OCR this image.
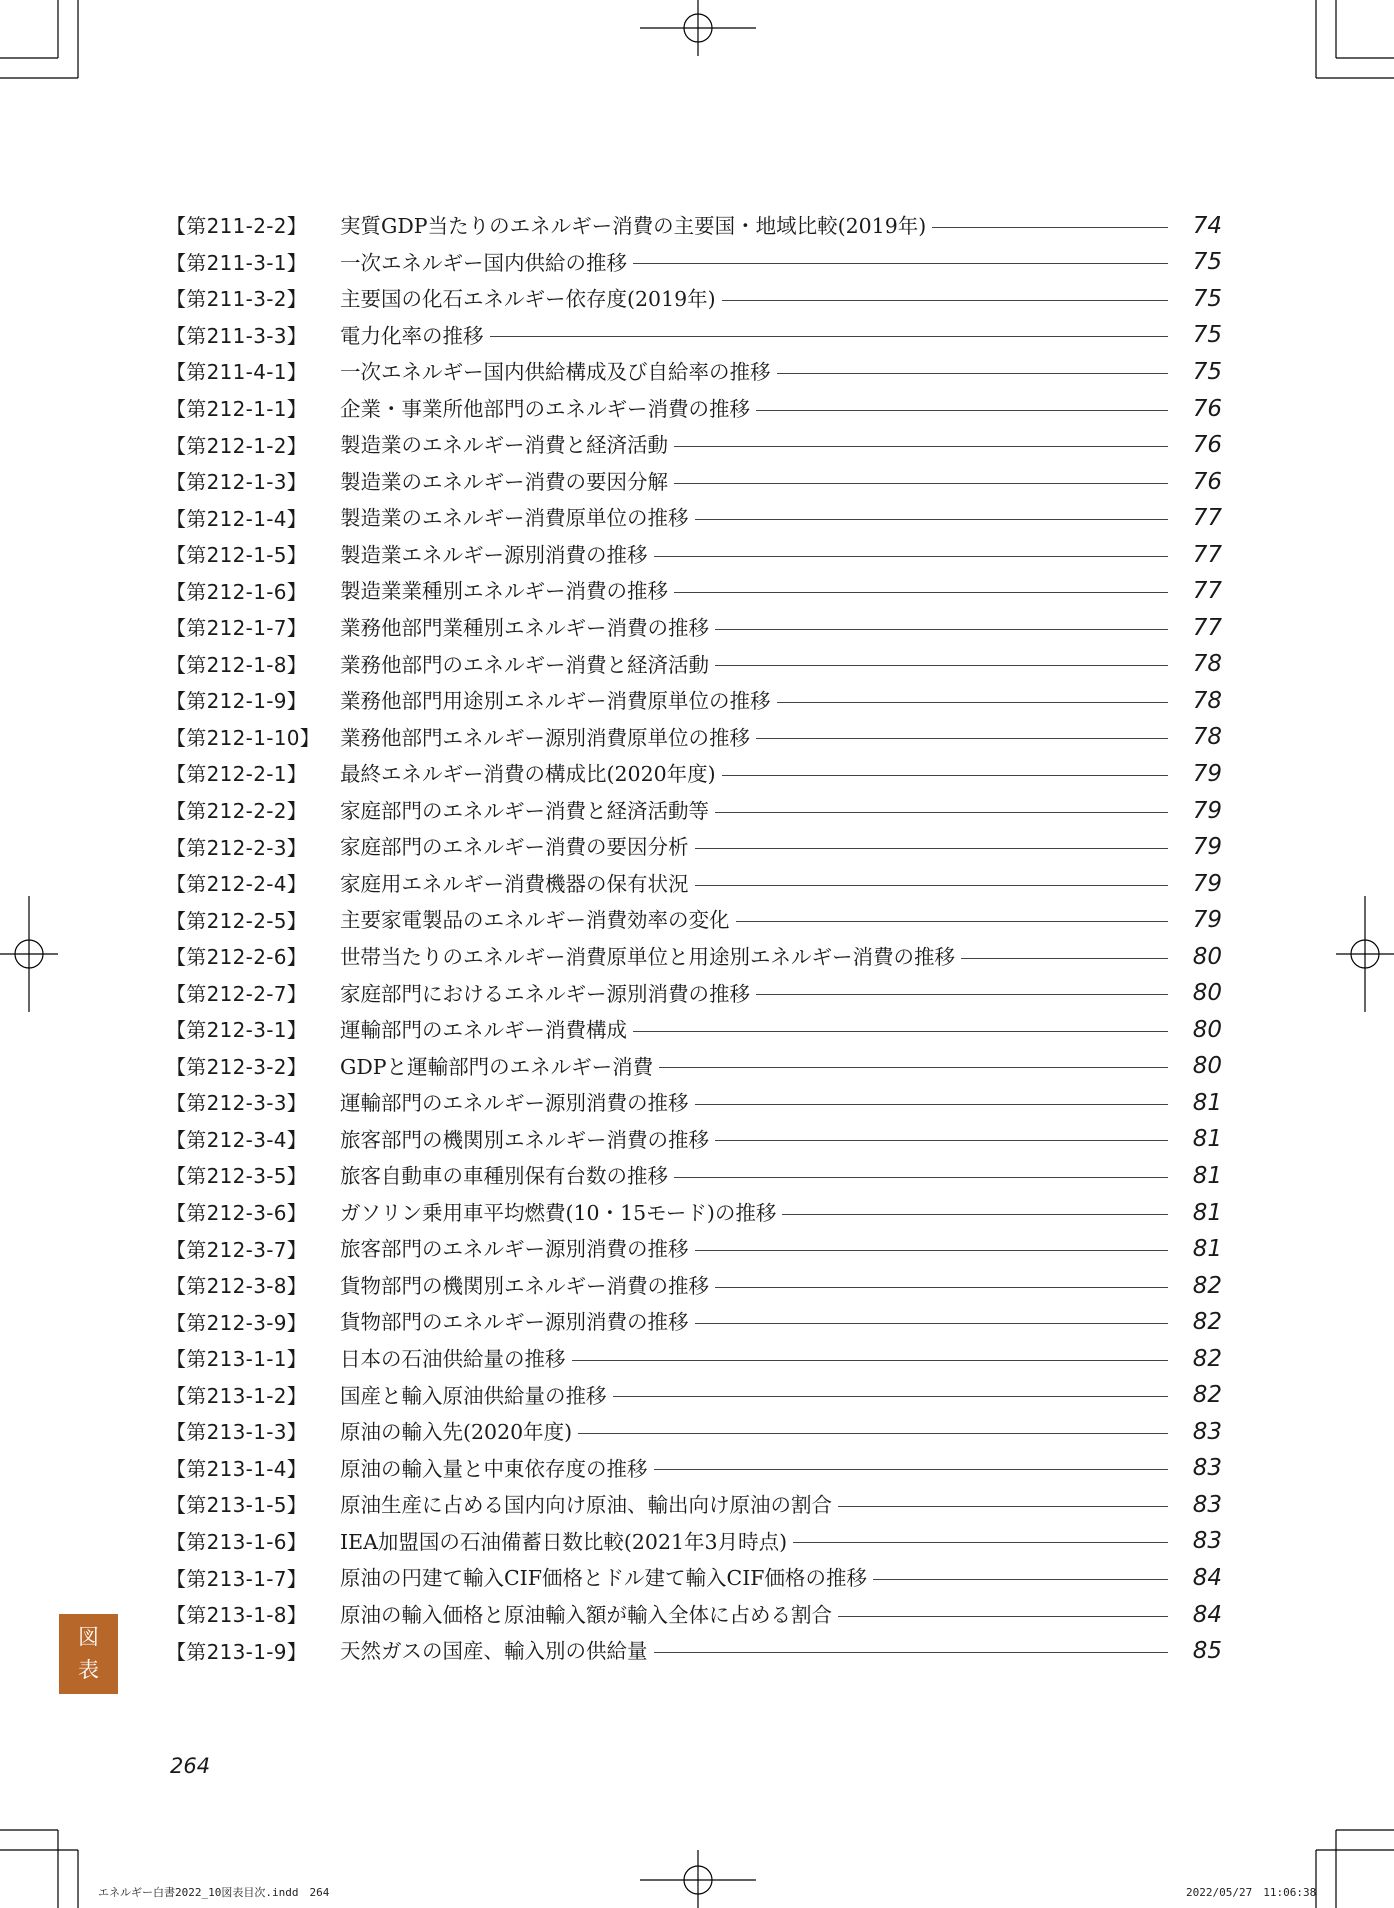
【第211-2-2】	実質GDP当たりのエネルギー消費の主要国・地域比較(2019年)	74
【第211-3-1】	一次エネルギー国内供給の推移	75
【第211-3-2】	主要国の化石エネルギー依存度(2019年)	75
【第211-3-3】	電力化率の推移	75
【第211-4-1】	一次エネルギー国内供給構成及び自給率の推移	75
【第212-1-1】	企業・事業所他部門のエネルギー消費の推移	76
【第212-1-2】	製造業のエネルギー消費と経済活動	76
【第212-1-3】	製造業のエネルギー消費の要因分解	76
【第212-1-4】	製造業のエネルギー消費原単位の推移	77
【第212-1-5】	製造業エネルギー源別消費の推移	77
【第212-1-6】	製造業業種別エネルギー消費の推移	77
【第212-1-7】	業務他部門業種別エネルギー消費の推移	77
【第212-1-8】	業務他部門のエネルギー消費と経済活動	78
【第212-1-9】	業務他部門用途別エネルギー消費原単位の推移	78
【第212-1-10】 業務他部門エネルギー源別消費原単位の推移	78
【第212-2-1】	最終エネルギー消費の構成比(2020年度)	79
【第212-2-2】	家庭部門のエネルギー消費と経済活動等	79
【第212-2-3】	家庭部門のエネルギー消費の要因分析	79
【第212-2-4】	家庭用エネルギー消費機器の保有状況	79
【第212-2-5】	主要家電製品のエネルギー消費効率の変化	79
【第212-2-6】	世帯当たりのエネルギー消費原単位と用途別エネルギー消費の推移	80
【第212-2-7】	家庭部門におけるエネルギー源別消費の推移	80
【第212-3-1】	運輸部門のエネルギー消費構成	80
【第212-3-2】	GDPと運輸部門のエネルギー消費	80
【第212-3-3】	運輸部門のエネルギー源別消費の推移	81
【第212-3-4】	旅客部門の機関別エネルギー消費の推移	81
【第212-3-5】	旅客自動車の車種別保有台数の推移	81
【第212-3-6】	ガソリン乗用車平均燃費(10・15モード)の推移	81
【第212-3-7】	旅客部門のエネルギー源別消費の推移	81
【第212-3-8】	貨物部門の機関別エネルギー消費の推移	82
【第212-3-9】	貨物部門のエネルギー源別消費の推移	82
【第213-1-1】	日本の石油供給量の推移	82
【第213-1-2】	国産と輸入原油供給量の推移	82
【第213-1-3】	原油の輸入先(2020年度)	83
【第213-1-4】	原油の輸入量と中東依存度の推移	83
【第213-1-5】	原油生産に占める国内向け原油、輸出向け原油の割合	83
【第213-1-6】	IEA加盟国の石油備蓄日数比較(2021年3月時点)	83
【第213-1-7】	原油の円建て輸入CIF価格とドル建て輸入CIF価格の推移	84
【第213-1-8】	原油の輸入価格と原油輸入額が輸入全体に占める割合	84
【第213-1-9】	天然ガスの国産、輸入別の供給量	85
図
表
264
エネルギー白書2022_10図表目次.indd　264	2022/05/27　11:06:38
